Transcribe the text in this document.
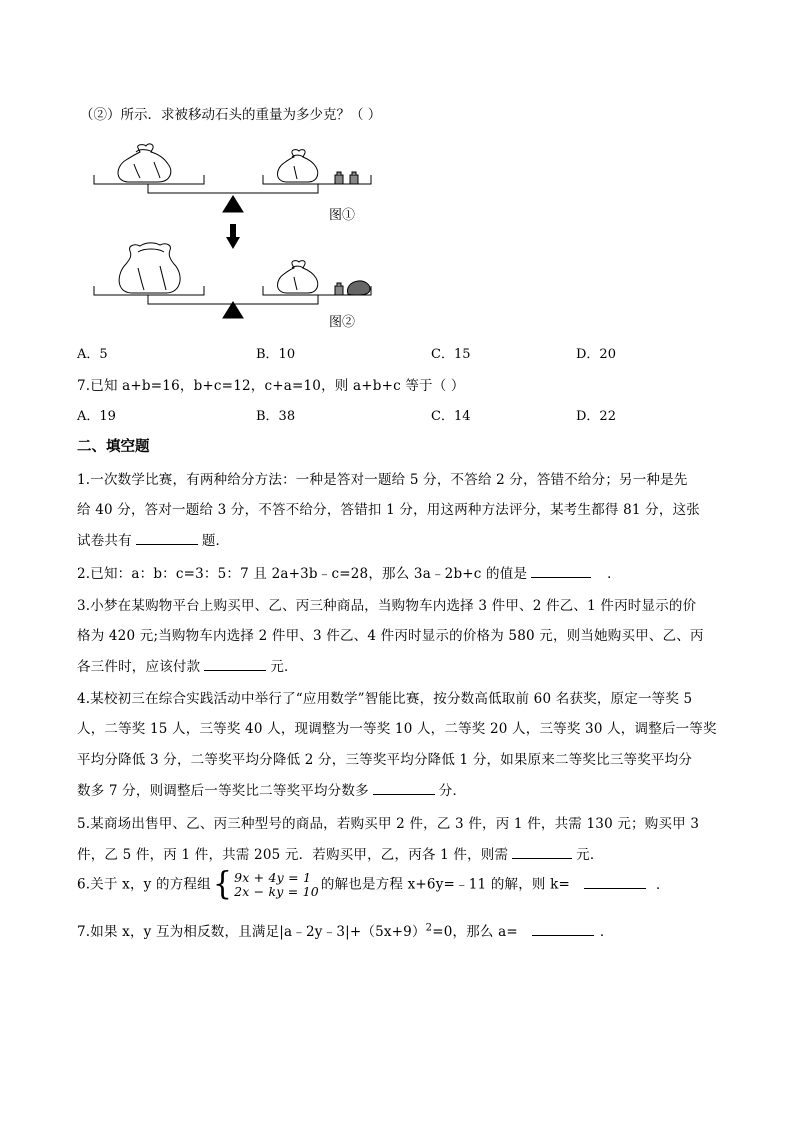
（②）所示．求被移动石头的重量为多少克？（ ）
图①
图②
A．5	B．10	C．15	D．20
7.已知 a+b=16，b+c=12，c+a=10，则 a+b+c 等于（ ）
A．19	B．38	C．14	D．22
二、填空题
1.一次数学比赛，有两种给分方法：一种是答对一题给 5 分，不答给 2 分，答错不给分；另一种是先
给 40 分，答对一题给 3 分，不答不给分，答错扣 1 分，用这两种方法评分，某考生都得 81 分，这张
试卷共有	题．
2.已知：a：b：c=3：5：7 且 2a+3b﹣c=28，那么 3a﹣2b+c 的值是	．
3.小梦在某购物平台上购买甲、乙、丙三种商品，当购物车内选择 3 件甲、2 件乙、1 件丙时显示的价
格为 420 元;当购物车内选择 2 件甲、3 件乙、4 件丙时显示的价格为 580 元，则当她购买甲、乙、丙
各三件时，应该付款	元．
4.某校初三在综合实践活动中举行了“应用数学”智能比赛，按分数高低取前 60 名获奖，原定一等奖 5
人，二等奖 15 人，三等奖 40 人，现调整为一等奖 10 人，二等奖 20 人，三等奖 30 人，调整后一等奖
平均分降低 3 分，二等奖平均分降低 2 分，三等奖平均分降低 1 分，如果原来二等奖比三等奖平均分
数多 7 分，则调整后一等奖比二等奖平均分数多	分．
5.某商场出售甲、乙、丙三种型号的商品，若购买甲 2 件，乙 3 件，丙 1 件，共需 130 元；购买甲 3
件，乙 5 件，丙 1 件，共需 205 元．若购买甲，乙，丙各 1 件，则需	元．
6.关于 x，y 的方程组 { 9x + 4y = 1
2x − ky = 10 的解也是方程 x+6y=﹣11 的解，则 k=	．
7.如果 x，y 互为相反数，且满足$|a﹣2y﹣3|+(5x+9)^2=0$，那么 a=	．
